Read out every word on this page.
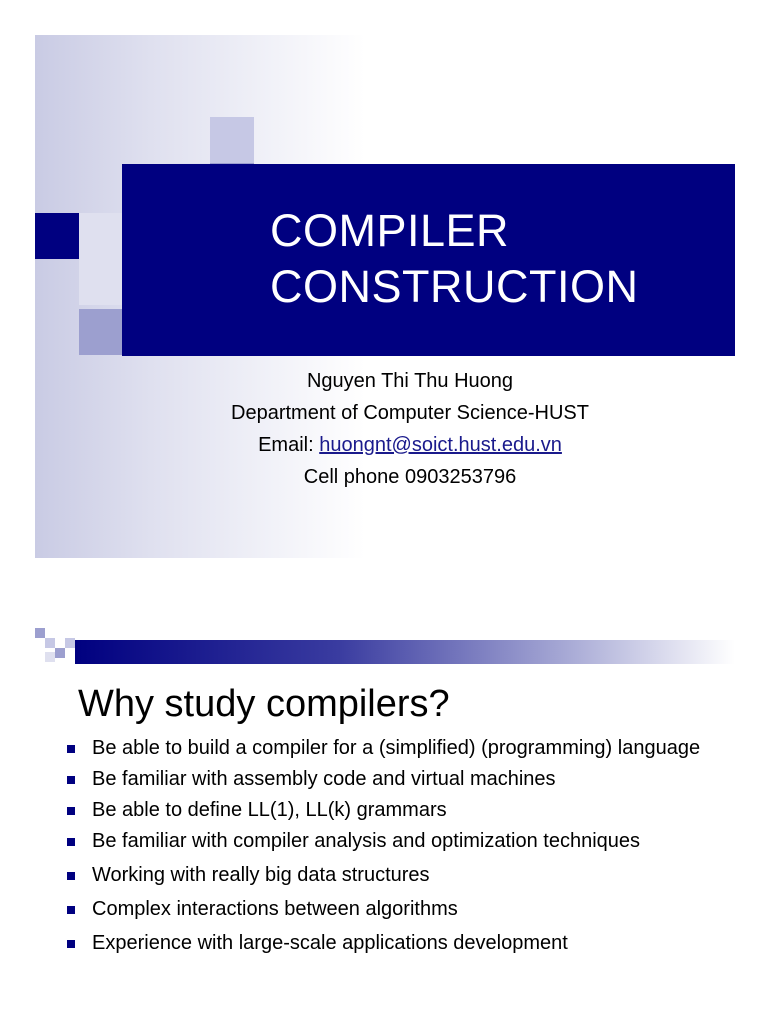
COMPILER
CONSTRUCTION
Nguyen Thi Thu Huong
Department of Computer Science-HUST
Email: huongnt@soict.hust.edu.vn
Cell phone 0903253796
Why study compilers?
Be able to build a compiler for a (simplified) (programming) language
Be familiar with assembly code and virtual machines
Be able to define LL(1), LL(k) grammars
Be familiar with compiler analysis and optimization techniques
Working with really big data structures
Complex interactions between algorithms
Experience with large-scale applications development
